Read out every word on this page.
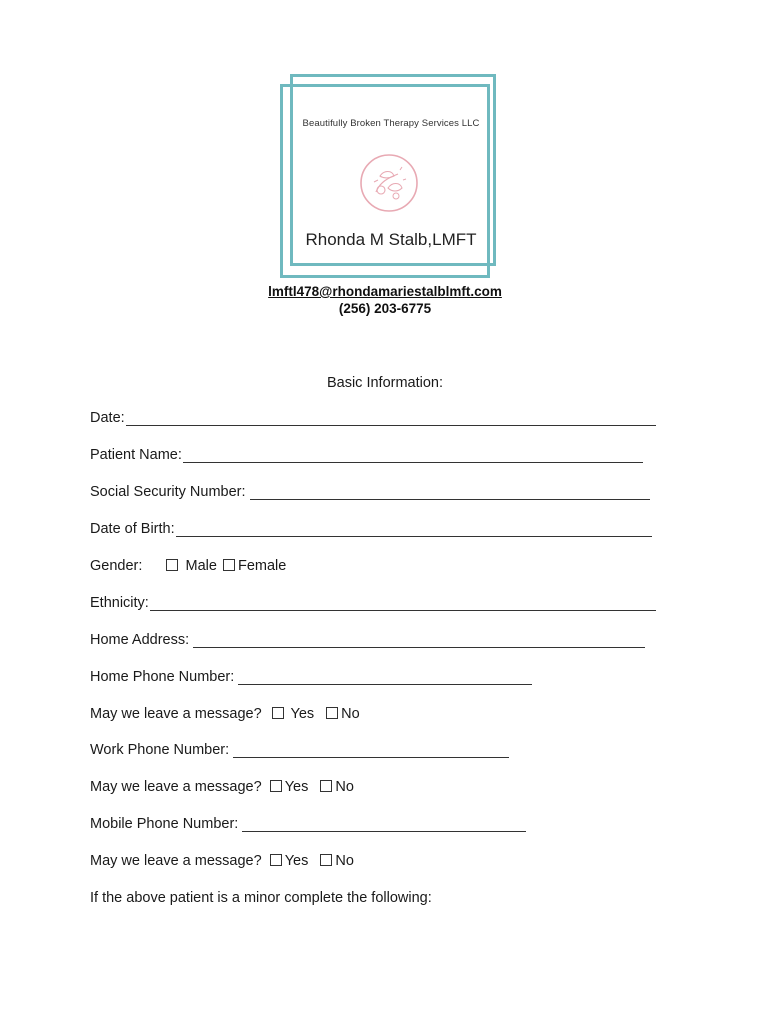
Beautifully Broken Therapy Services LLC
Rhonda M Stalb,LMFT
lmftl478@rhondamariestalblmft.com
(256) 203-6775
Basic Information:
Date:
Patient Name:
Social Security Number:
Date of Birth:
Gender:	Male Female
Ethnicity:
Home Address:
Home Phone Number:
May we leave a message? Yes No
Work Phone Number:
May we leave a message? Yes No
Mobile Phone Number:
May we leave a message? Yes No
If the above patient is a minor complete the following:
